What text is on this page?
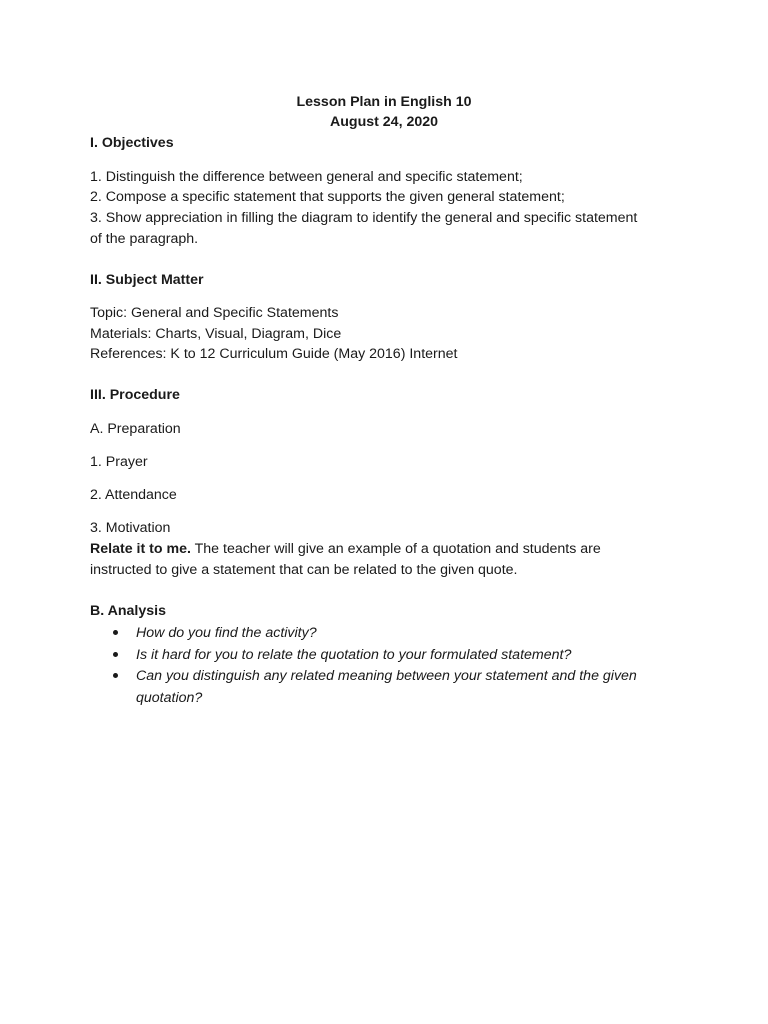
Lesson Plan in English 10
August 24, 2020
I. Objectives
1. Distinguish the difference between general and specific statement;
2. Compose a specific statement that supports the given general statement;
3. Show appreciation in filling the diagram to identify the general and specific statement
of the paragraph.
II. Subject Matter
Topic: General and Specific Statements
Materials: Charts, Visual, Diagram, Dice
References: K to 12 Curriculum Guide (May 2016) Internet
III. Procedure
A. Preparation
1. Prayer
2. Attendance
3. Motivation
Relate it to me. The teacher will give an example of a quotation and students are
instructed to give a statement that can be related to the given quote.
B. Analysis
How do you find the activity?
Is it hard for you to relate the quotation to your formulated statement?
Can you distinguish any related meaning between your statement and the given
quotation?
